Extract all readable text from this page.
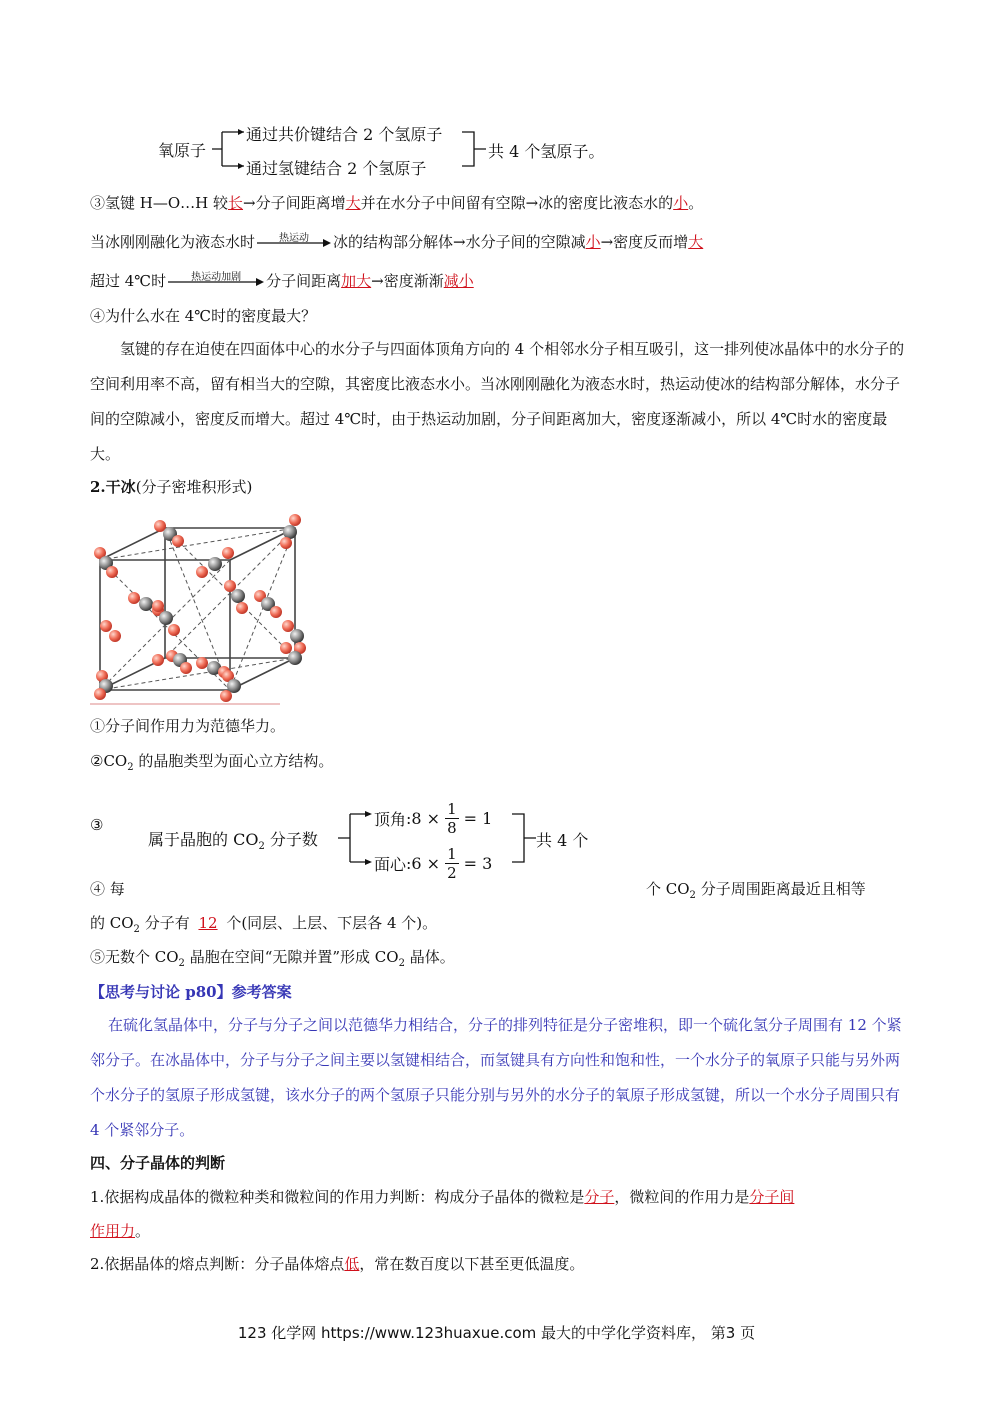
氧原子
通过共价键结合 2 个氢原子
通过氢键结合 2 个氢原子
共 4 个氢原子。
③氢键 H—O…H 较长→分子间距离增大并在水分子中间留有空隙→冰的密度比液态水的小。
当冰刚刚融化为液态水时	热运动	冰的结构部分解体→水分子间的空隙减小→密度反而增大
超过 4℃时	热运动加剧	分子间距离加大→密度渐渐减小
④为什么水在 4℃时的密度最大？
氢键的存在迫使在四面体中心的水分子与四面体顶角方向的 4 个相邻水分子相互吸引，这一排列使冰晶体中的水分子的空间利用率不高，留有相当大的空隙，其密度比液态水小。当冰刚刚融化为液态水时，热运动使冰的结构部分解体，水分子间的空隙减小，密度反而增大。超过 4℃时，由于热运动加剧，分子间距离加大，密度逐渐减小，所以 4℃时水的密度最大。
2.干冰(分子密堆积形式)
①分子间作用力为范德华力。
$②CO_2$ 的晶胞类型为面心立方结构。
③
属于晶胞的 $CO_2$ 分子数
顶角 :8 × $\frac{1}{8} = 1$
面心 :6 × $\frac{1}{2} = 3$
共 4 个
④ 每	个 $CO_2$ 分子周围距离最近且相等
的 $CO_2$ 分子有 12 个(同层、上层、下层各 4 个)。
⑤无数个 $CO_2$ 晶胞在空间“无隙并置”形成 $CO_2$ 晶体。
【思考与讨论 p80】参考答案
在硫化氢晶体中，分子与分子之间以范德华力相结合，分子的排列特征是分子密堆积，即一个硫化氢分子周围有 12 个紧邻分子。在冰晶体中，分子与分子之间主要以氢键相结合，而氢键具有方向性和饱和性，一个水分子的氧原子只能与另外两个水分子的氢原子形成氢键，该水分子的两个氢原子只能分别与另外的水分子的氧原子形成氢键，所以一个水分子周围只有 4 个紧邻分子。
四、分子晶体的判断
1.依据构成晶体的微粒种类和微粒间的作用力判断：构成分子晶体的微粒是分子，微粒间的作用力是分子间
作用力。
2.依据晶体的熔点判断：分子晶体熔点低，常在数百度以下甚至更低温度。
123 化学网 https://www.123huaxue.com 最大的中学化学资料库， 第3 页
